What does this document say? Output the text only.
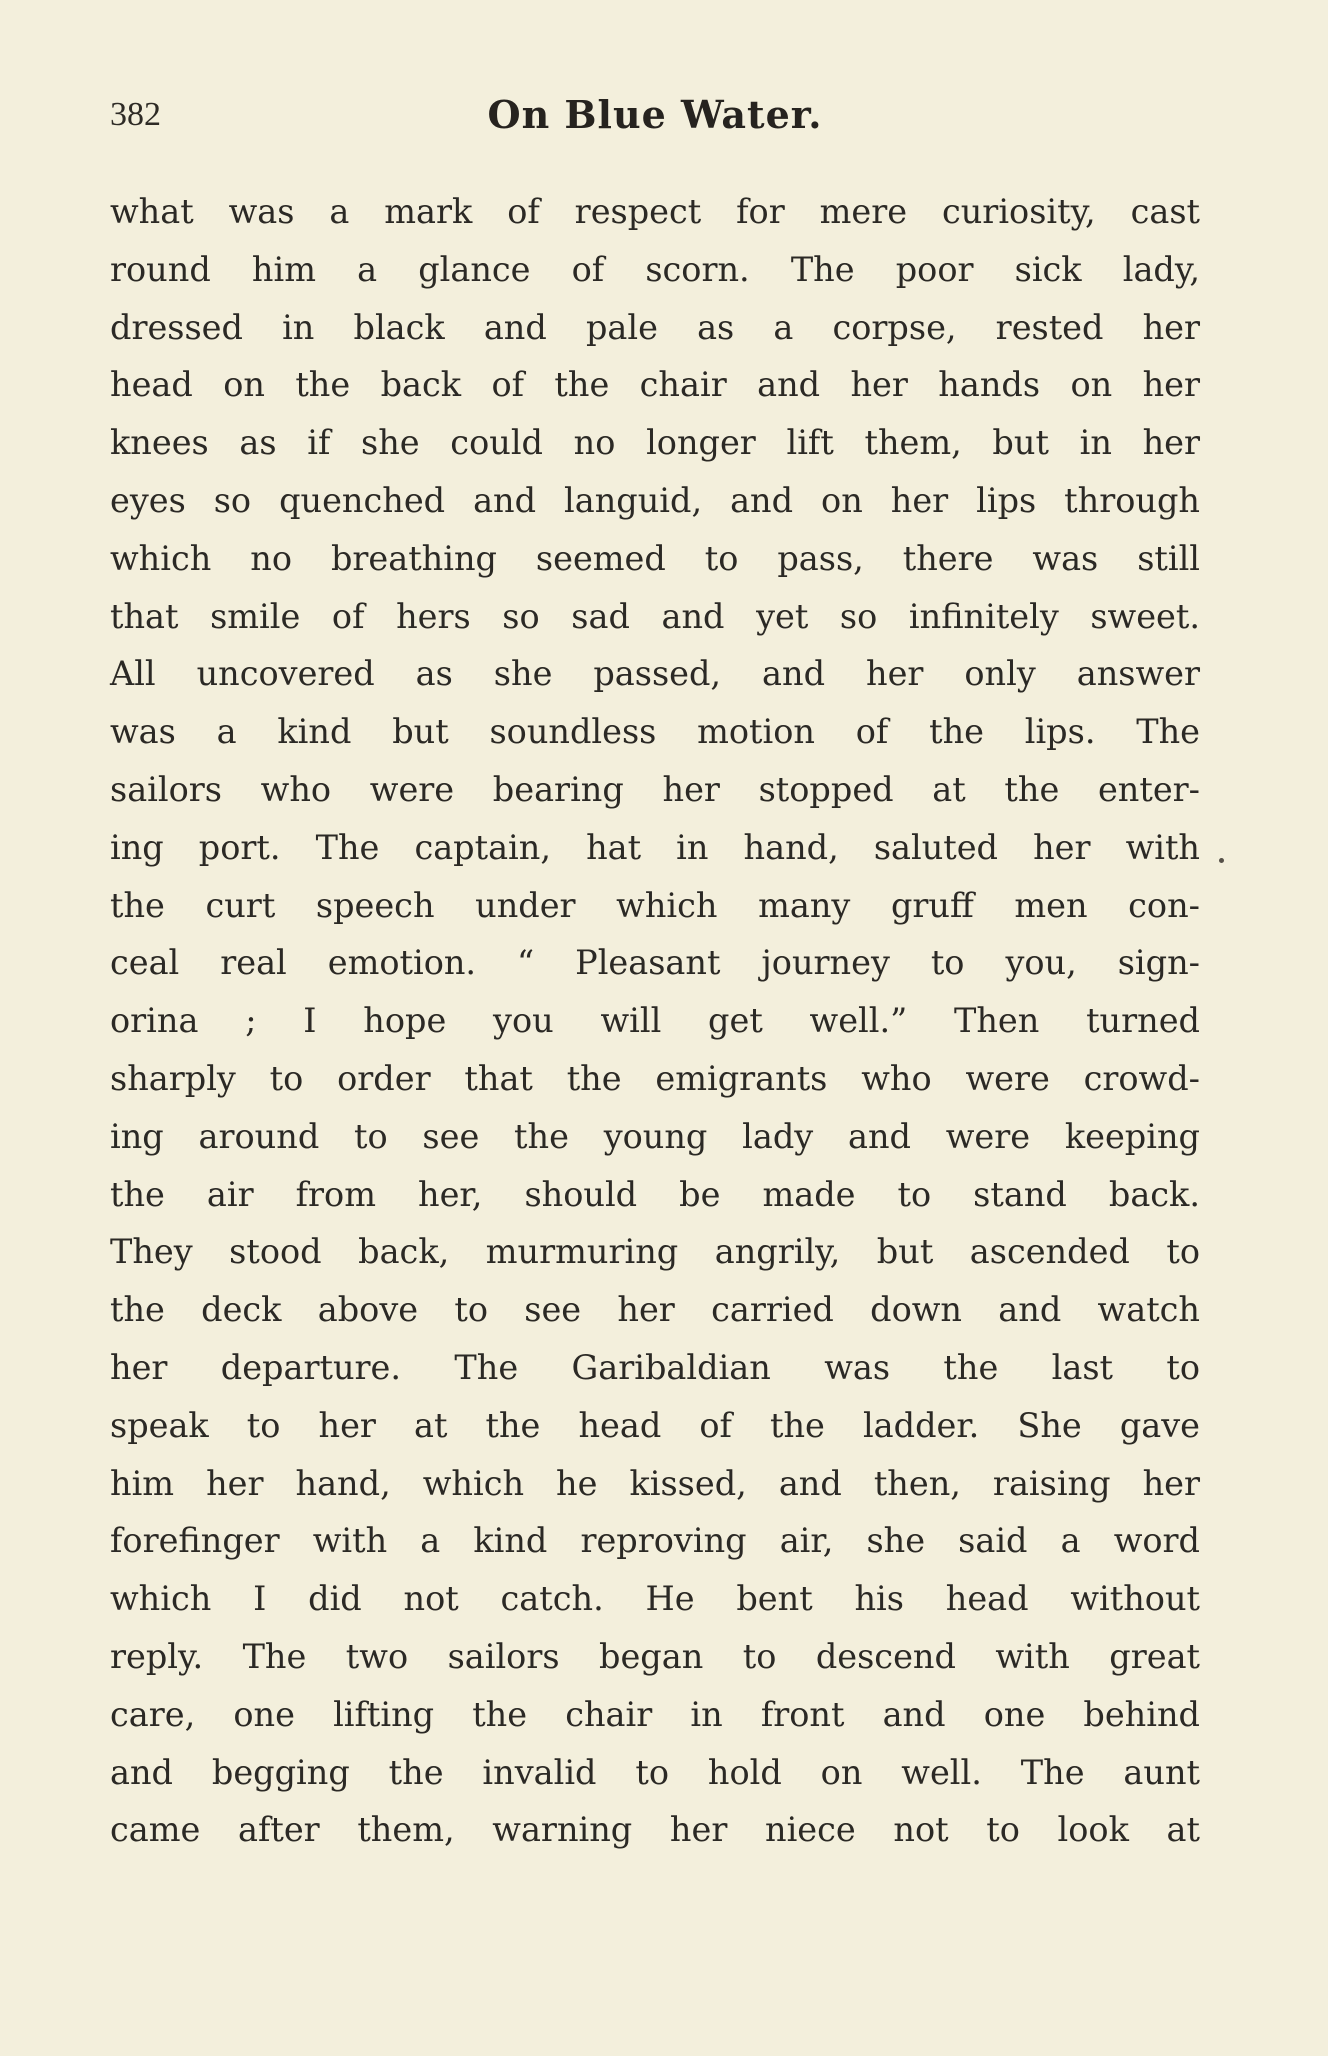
382	On Blue Water.
what was a mark of respect for mere curiosity, cast
round him a glance of scorn. The poor sick lady,
dressed in black and pale as a corpse, rested her
head on the back of the chair and her hands on her
knees as if she could no longer lift them, but in her
eyes so quenched and languid, and on her lips through
which no breathing seemed to pass, there was still
that smile of hers so sad and yet so infinitely sweet.
All uncovered as she passed, and her only answer
was a kind but soundless motion of the lips. The
sailors who were bearing her stopped at the enter-
ing port. The captain, hat in hand, saluted her with
the curt speech under which many gruff men con-
ceal real emotion. “ Pleasant journey to you, sign-
orina ; I hope you will get well.” Then turned
sharply to order that the emigrants who were crowd-
ing around to see the young lady and were keeping
the air from her, should be made to stand back.
They stood back, murmuring angrily, but ascended to
the deck above to see her carried down and watch
her departure. The Garibaldian was the last to
speak to her at the head of the ladder. She gave
him her hand, which he kissed, and then, raising her
forefinger with a kind reproving air, she said a word
which I did not catch. He bent his head without
reply. The two sailors began to descend with great
care, one lifting the chair in front and one behind
and begging the invalid to hold on well. The aunt
came after them, warning her niece not to look at
